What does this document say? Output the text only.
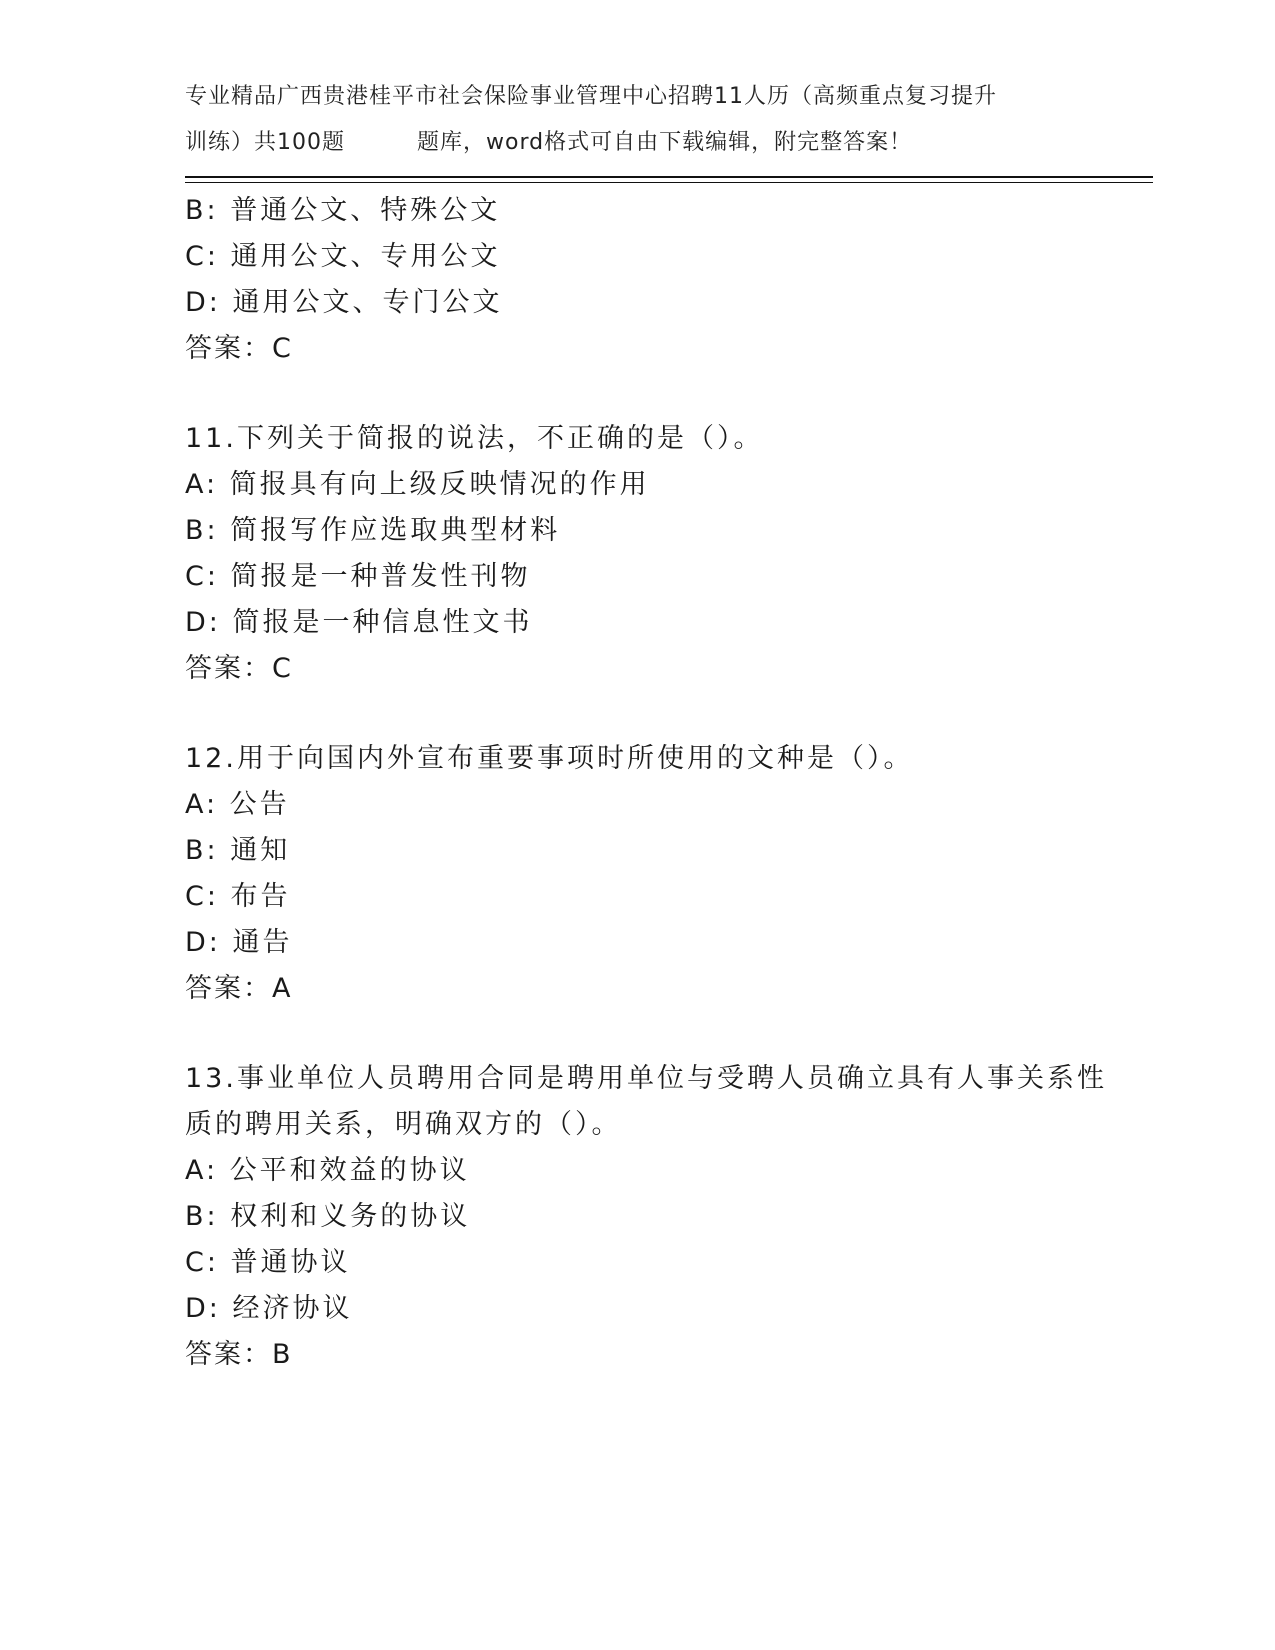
专业精品广西贵港桂平市社会保险事业管理中心招聘11人历（高频重点复习提升
训练）共100题	题库，word格式可自由下载编辑，附完整答案！
B: 普通公文、特殊公文
C: 通用公文、专用公文
D: 通用公文、专门公文
答案：C
11.下列关于简报的说法，不正确的是（）。
A: 简报具有向上级反映情况的作用
B: 简报写作应选取典型材料
C: 简报是一种普发性刊物
D: 简报是一种信息性文书
答案：C
12.用于向国内外宣布重要事项时所使用的文种是（）。
A: 公告
B: 通知
C: 布告
D: 通告
答案：A
13.事业单位人员聘用合同是聘用单位与受聘人员确立具有人事关系性
质的聘用关系，明确双方的（）。
A: 公平和效益的协议
B: 权利和义务的协议
C: 普通协议
D: 经济协议
答案：B
